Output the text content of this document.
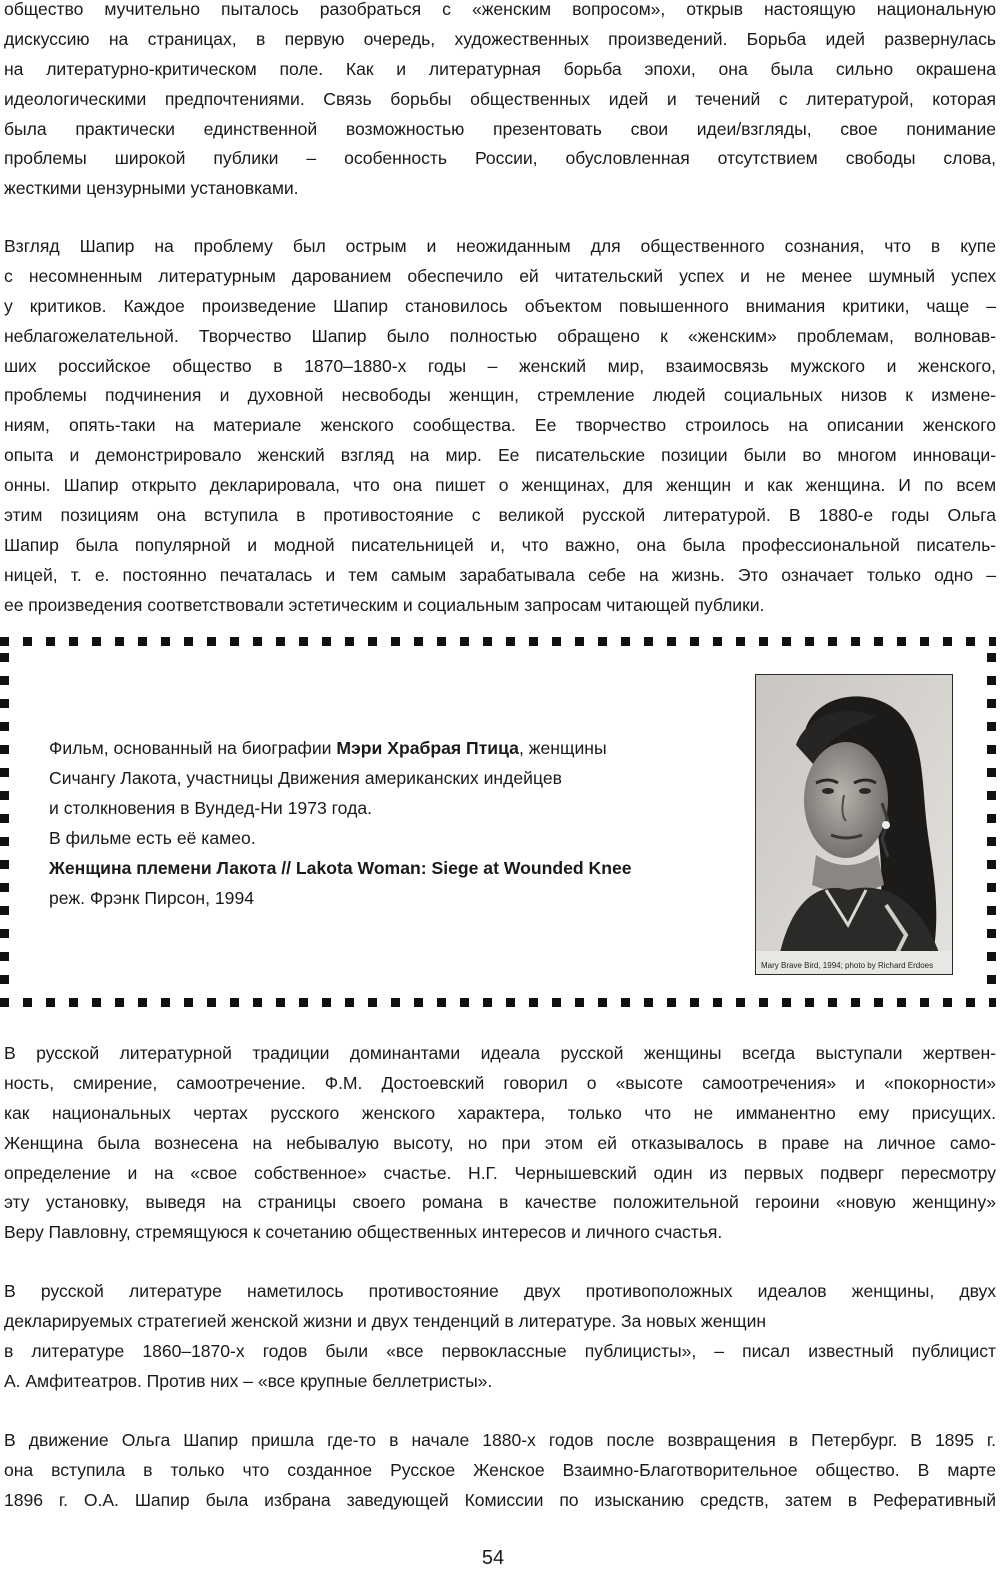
общество мучительно пыталось разобраться с «женским вопросом», открыв настоящую национальную
дискуссию на страницах, в первую очередь, художественных произведений. Борьба идей развернулась
на литературно-критическом поле. Как и литературная борьба эпохи, она была сильно окрашена
идеологическими предпочтениями. Связь борьбы общественных идей и течений с литературой, которая
была практически единственной возможностью презентовать свои идеи/взгляды, свое понимание
проблемы широкой публики – особенность России, обусловленная отсутствием свободы слова,
жесткими цензурными установками.
Взгляд Шапир на проблему был острым и неожиданным для общественного сознания, что в купе
с несомненным литературным дарованием обеспечило ей читательский успех и не менее шумный успех
у критиков. Каждое произведение Шапир становилось объектом повышенного внимания критики, чаще –
неблагожелательной. Творчество Шапир было полностью обращено к «женским» проблемам, волновав-
ших российское общество в 1870–1880-х годы – женский мир, взаимосвязь мужского и женского,
проблемы подчинения и духовной несвободы женщин, стремление людей социальных низов к измене-
ниям, опять-таки на материале женского сообщества. Ее творчество строилось на описании женского
опыта и демонстрировало женский взгляд на мир. Ее писательские позиции были во многом инноваци-
онны. Шапир открыто декларировала, что она пишет о женщинах, для женщин и как женщина. И по всем
этим позициям она вступила в противостояние с великой русской литературой. В 1880-е годы Ольга
Шапир была популярной и модной писательницей и, что важно, она была профессиональной писатель-
ницей, т. е. постоянно печаталась и тем самым зарабатывала себе на жизнь. Это означает только одно –
ее произведения соответствовали эстетическим и социальным запросам читающей публики.
Фильм, основанный на биографии Мэри Храбрая Птица, женщины
Сичангу Лакота, участницы Движения американских индейцев
и столкновения в Вундед-Ни 1973 года.
В фильме есть её камео.
Женщина племени Лакота // Lakota Woman: Siege at Wounded Knee
реж. Фрэнк Пирсон, 1994
Mary Brave Bird, 1994; photo by Richard Erdoes
В русской литературной традиции доминантами идеала русской женщины всегда выступали жертвен-
ность, смирение, самоотречение. Ф.М. Достоевский говорил о «высоте самоотречения» и «покорности»
как национальных чертах русского женского характера, только что не имманентно ему присущих.
Женщина была вознесена на небывалую высоту, но при этом ей отказывалось в праве на личное само-
определение и на «свое собственное» счастье. Н.Г. Чернышевский один из первых подверг пересмотру
эту установку, выведя на страницы своего романа в качестве положительной героини «новую женщину»
Веру Павловну, стремящуюся к сочетанию общественных интересов и личного счастья.
В русской литературе наметилось противостояние двух противоположных идеалов женщины, двух
декларируемых стратегией женской жизни и двух тенденций в литературе. За новых женщин
в литературе 1860–1870-х годов были «все первоклассные публицисты», – писал известный публицист
А. Амфитеатров. Против них – «все крупные беллетристы».
В движение Ольга Шапир пришла где-то в начале 1880-х годов после возвращения в Петербург. В 1895 г.
она вступила в только что созданное Русское Женское Взаимно-Благотворительное общество. В марте
1896 г. О.А. Шапир была избрана заведующей Комиссии по изысканию средств, затем в Реферативный
54
